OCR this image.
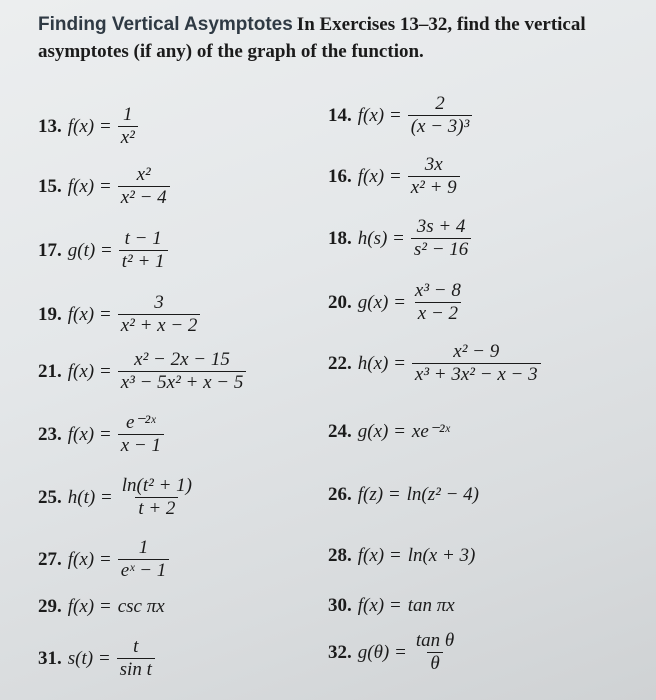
Finding Vertical Asymptotes In Exercises 13–32, find the vertical asymptotes (if any) of the graph of the function.
13. $f(x) = \frac{1}{\text{x²}}$	14. $f(x) = \frac{2}{\text{(x − 3)³}}$
15. $f(x) = \frac{\text{x²}}{\text{x² − 4}}$	16. $f(x) = \frac{3x}{\text{x² + 9}}$
17. $g(t) = \frac{t - 1}{\text{t² + 1}}$	18. $h(s) = \frac{3s + 4}{\text{s² − 16}}$
19. $f(x) = \frac{3}{\text{x² + x − 2}}$	20. $g(x) = \frac{\text{x³ − 8}}{x - 2}$
21. $f(x) = \frac{\text{x² − 2x − 15}}{\text{x³ − 5x² + x − 5}}$	22. $h(x) = \frac{\text{x² − 9}}{\text{x³ + 3x² − x − 3}}$
23. $f(x) = \frac{\text{e⁻²ˣ}}{x - 1}$	24. g(x) = xe⁻²ˣ
25. $h(t) = \frac{\text{ln(t² + 1)}}{t + 2}$	26. f(z) = ln(z² − 4)
27. $f(x) = \frac{1}{\text{eˣ − 1}}$	28. f(x) = ln(x + 3)
29. f(x) = csc πx	30. f(x) = tan πx
31. $s(t) = \frac{t}{\text{sin t}}$	32. $g(\theta) = \frac{\text{tan θ}}{\theta}$
